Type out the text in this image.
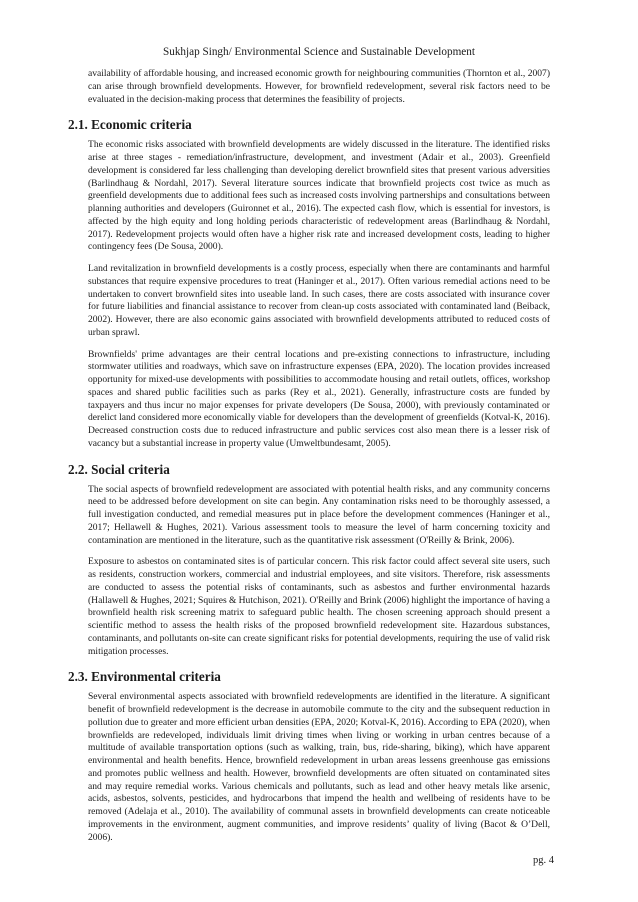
Sukhjap Singh/ Environmental Science and Sustainable Development

availability of affordable housing, and increased economic growth for neighbouring communities (Thornton et al., 2007) can arise through brownfield developments. However, for brownfield redevelopment, several risk factors need to be evaluated in the decision-making process that determines the feasibility of projects.

2.1. Economic criteria

The economic risks associated with brownfield developments are widely discussed in the literature. The identified risks arise at three stages - remediation/infrastructure, development, and investment (Adair et al., 2003). Greenfield development is considered far less challenging than developing derelict brownfield sites that present various adversities (Barlindhaug & Nordahl, 2017). Several literature sources indicate that brownfield projects cost twice as much as greenfield developments due to additional fees such as increased costs involving partnerships and consultations between planning authorities and developers (Guironnet et al., 2016). The expected cash flow, which is essential for investors, is affected by the high equity and long holding periods characteristic of redevelopment areas (Barlindhaug & Nordahl, 2017). Redevelopment projects would often have a higher risk rate and increased development costs, leading to higher contingency fees (De Sousa, 2000).

Land revitalization in brownfield developments is a costly process, especially when there are contaminants and harmful substances that require expensive procedures to treat (Haninger et al., 2017). Often various remedial actions need to be undertaken to convert brownfield sites into useable land. In such cases, there are costs associated with insurance cover for future liabilities and financial assistance to recover from clean-up costs associated with contaminated land (Beiback, 2002). However, there are also economic gains associated with brownfield developments attributed to reduced costs of urban sprawl.

Brownfields' prime advantages are their central locations and pre-existing connections to infrastructure, including stormwater utilities and roadways, which save on infrastructure expenses (EPA, 2020). The location provides increased opportunity for mixed-use developments with possibilities to accommodate housing and retail outlets, offices, workshop spaces and shared public facilities such as parks (Rey et al., 2021). Generally, infrastructure costs are funded by taxpayers and thus incur no major expenses for private developers (De Sousa, 2000), with previously contaminated or derelict land considered more economically viable for developers than the development of greenfields (Kotval-K, 2016). Decreased construction costs due to reduced infrastructure and public services cost also mean there is a lesser risk of vacancy but a substantial increase in property value (Umweltbundesamt, 2005).

2.2. Social criteria

The social aspects of brownfield redevelopment are associated with potential health risks, and any community concerns need to be addressed before development on site can begin. Any contamination risks need to be thoroughly assessed, a full investigation conducted, and remedial measures put in place before the development commences (Haninger et al., 2017; Hellawell & Hughes, 2021). Various assessment tools to measure the level of harm concerning toxicity and contamination are mentioned in the literature, such as the quantitative risk assessment (O'Reilly & Brink, 2006).

Exposure to asbestos on contaminated sites is of particular concern. This risk factor could affect several site users, such as residents, construction workers, commercial and industrial employees, and site visitors. Therefore, risk assessments are conducted to assess the potential risks of contaminants, such as asbestos and further environmental hazards (Hallawell & Hughes, 2021; Squires & Hutchison, 2021). O'Reilly and Brink (2006) highlight the importance of having a brownfield health risk screening matrix to safeguard public health. The chosen screening approach should present a scientific method to assess the health risks of the proposed brownfield redevelopment site. Hazardous substances, contaminants, and pollutants on-site can create significant risks for potential developments, requiring the use of valid risk mitigation processes.

2.3. Environmental criteria

Several environmental aspects associated with brownfield redevelopments are identified in the literature. A significant benefit of brownfield redevelopment is the decrease in automobile commute to the city and the subsequent reduction in pollution due to greater and more efficient urban densities (EPA, 2020; Kotval-K, 2016). According to EPA (2020), when brownfields are redeveloped, individuals limit driving times when living or working in urban centres because of a multitude of available transportation options (such as walking, train, bus, ride-sharing, biking), which have apparent environmental and health benefits. Hence, brownfield redevelopment in urban areas lessens greenhouse gas emissions and promotes public wellness and health. However, brownfield developments are often situated on contaminated sites and may require remedial works. Various chemicals and pollutants, such as lead and other heavy metals like arsenic, acids, asbestos, solvents, pesticides, and hydrocarbons that impend the health and wellbeing of residents have to be removed (Adelaja et al., 2010). The availability of communal assets in brownfield developments can create noticeable improvements in the environment, augment communities, and improve residents’ quality of living (Bacot & O’Dell, 2006).

pg. 4
